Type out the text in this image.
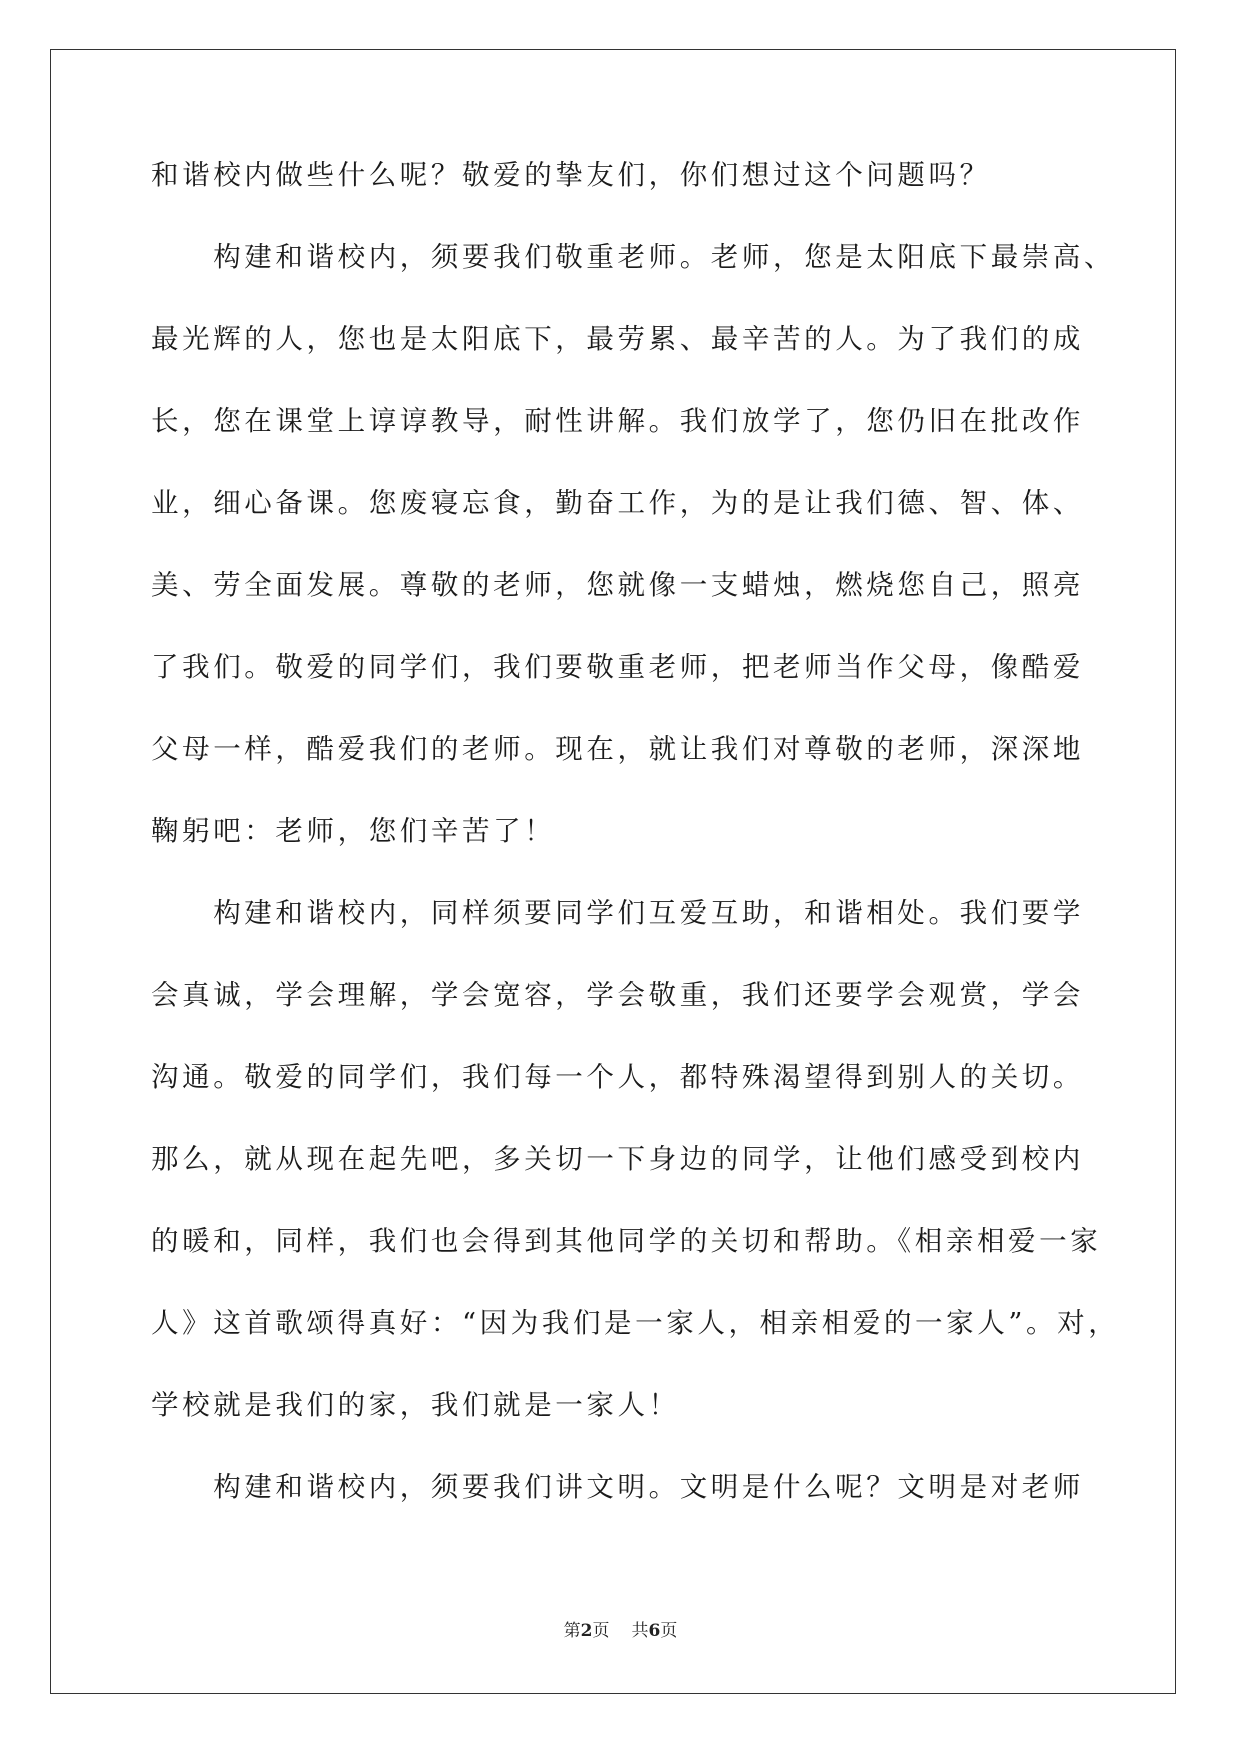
和谐校内做些什么呢？敬爱的挚友们，你们想过这个问题吗？
　　构建和谐校内，须要我们敬重老师。老师，您是太阳底下最崇高、
最光辉的人，您也是太阳底下，最劳累、最辛苦的人。为了我们的成
长，您在课堂上谆谆教导，耐性讲解。我们放学了，您仍旧在批改作
业，细心备课。您废寝忘食，勤奋工作，为的是让我们德、智、体、
美、劳全面发展。尊敬的老师，您就像一支蜡烛，燃烧您自己，照亮
了我们。敬爱的同学们，我们要敬重老师，把老师当作父母，像酷爱
父母一样，酷爱我们的老师。现在，就让我们对尊敬的老师，深深地
鞠躬吧：老师，您们辛苦了！
　　构建和谐校内，同样须要同学们互爱互助，和谐相处。我们要学
会真诚，学会理解，学会宽容，学会敬重，我们还要学会观赏，学会
沟通。敬爱的同学们，我们每一个人，都特殊渴望得到别人的关切。
那么，就从现在起先吧，多关切一下身边的同学，让他们感受到校内
的暖和，同样，我们也会得到其他同学的关切和帮助。《相亲相爱一家
人》这首歌颂得真好：“因为我们是一家人，相亲相爱的一家人”。对，
学校就是我们的家，我们就是一家人！
　　构建和谐校内，须要我们讲文明。文明是什么呢？文明是对老师
第2页 共6页
